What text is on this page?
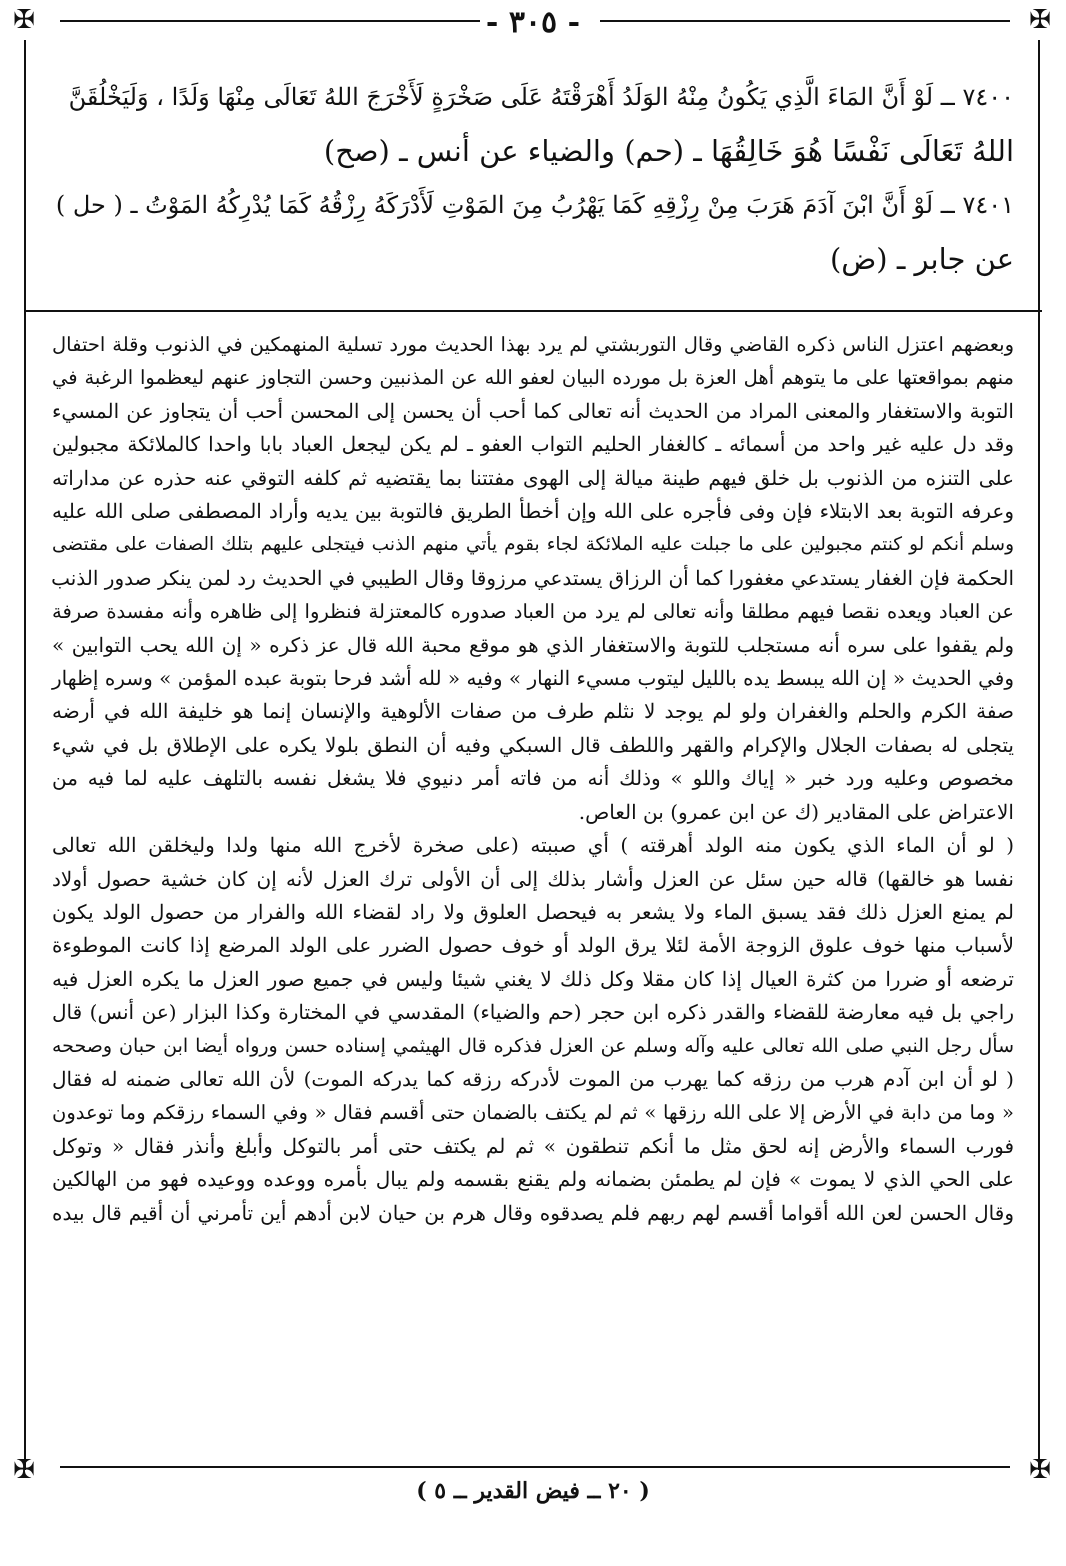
✠	✠
✠	✠
- ٣٠٥ -
٧٤٠٠ ــ لَوْ أَنَّ المَاءَ الَّذِي يَكُونُ مِنْهُ الوَلَدُ أَهْرَقْتَهُ عَلَى صَخْرَةٍ لَأَخْرَجَ اللهُ تَعَالَى مِنْهَا وَلَدًا ، وَلَيَخْلُقَنَّ
اللهُ تَعَالَى نَفْسًا هُوَ خَالِقُهَا ـ (حم) والضياء عن أنس ـ (صح)
٧٤٠١ ــ لَوْ أَنَّ ابْنَ آدَمَ هَرَبَ مِنْ رِزْقِهِ كَمَا يَهْرُبُ مِنَ المَوْتِ لَأَدْرَكَهُ رِزْقُهُ كَمَا يُدْرِكُهُ المَوْتُ ـ ( حل )
عن جابر ـ (ض)

وبعضهم اعتزل الناس ذكره القاضي وقال التوربشتي لم يرد بهذا الحديث مورد تسلية المنهمكين في الذنوب وقلة احتفال

منهم بمواقعتها على ما يتوهم أهل العزة بل مورده البيان لعفو الله عن المذنبين وحسن التجاوز عنهم ليعظموا الرغبة في

التوبة والاستغفار والمعنى المراد من الحديث أنه تعالى كما أحب أن يحسن إلى المحسن أحب أن يتجاوز عن المسيء

وقد دل عليه غير واحد من أسمائه ـ كالغفار الحليم التواب العفو ـ لم يكن ليجعل العباد بابا واحدا كالملائكة مجبولين

على التنزه من الذنوب بل خلق فيهم طينة ميالة إلى الهوى مفتتنا بما يقتضيه ثم كلفه التوقي عنه حذره عن مداراته

وعرفه التوبة بعد الابتلاء فإن وفى فأجره على الله وإن أخطأ الطريق فالتوبة بين يديه وأراد المصطفى صلى الله عليه

وسلم أنكم لو كنتم مجبولين على ما جبلت عليه الملائكة لجاء بقوم يأتي منهم الذنب فيتجلى عليهم بتلك الصفات على مقتضى

الحكمة فإن الغفار يستدعي مغفورا كما أن الرزاق يستدعي مرزوقا وقال الطيبي في الحديث رد لمن ينكر صدور الذنب

عن العباد ويعده نقصا فيهم مطلقا وأنه تعالى لم يرد من العباد صدوره كالمعتزلة فنظروا إلى ظاهره وأنه مفسدة صرفة

ولم يقفوا على سره أنه مستجلب للتوبة والاستغفار الذي هو موقع محبة الله قال عز ذكره « إن الله يحب التوابين »

وفي الحديث « إن الله يبسط يده بالليل ليتوب مسيء النهار » وفيه « لله أشد فرحا بتوبة عبده المؤمن » وسره إظهار

صفة الكرم والحلم والغفران ولو لم يوجد لا نثلم طرف من صفات الألوهية والإنسان إنما هو خليفة الله في أرضه

يتجلى له بصفات الجلال والإكرام والقهر واللطف قال السبكي وفيه أن النطق بلولا يكره على الإطلاق بل في شيء

مخصوص وعليه ورد خبر « إياك واللو » وذلك أنه من فاته أمر دنيوي فلا يشغل نفسه بالتلهف عليه لما فيه من

الاعتراض على المقادير (ك عن ابن عمرو) بن العاص.

( لو أن الماء الذي يكون منه الولد أهرقته ) أي صببته (على صخرة لأخرج الله منها ولدا وليخلقن الله تعالى

نفسا هو خالقها) قاله حين سئل عن العزل وأشار بذلك إلى أن الأولى ترك العزل لأنه إن كان خشية حصول أولاد

لم يمنع العزل ذلك فقد يسبق الماء ولا يشعر به فيحصل العلوق ولا راد لقضاء الله والفرار من حصول الولد يكون

لأسباب منها خوف علوق الزوجة الأمة لئلا يرق الولد أو خوف حصول الضرر على الولد المرضع إذا كانت الموطوءة

ترضعه أو ضررا من كثرة العيال إذا كان مقلا وكل ذلك لا يغني شيئا وليس في جميع صور العزل ما يكره العزل فيه

راجي بل فيه معارضة للقضاء والقدر ذكره ابن حجر (حم والضياء) المقدسي في المختارة وكذا البزار (عن أنس) قال

سأل رجل النبي صلى الله تعالى عليه وآله وسلم عن العزل فذكره قال الهيثمي إسناده حسن ورواه أيضا ابن حبان وصححه

( لو أن ابن آدم هرب من رزقه كما يهرب من الموت لأدركه رزقه كما يدركه الموت) لأن الله تعالى ضمنه له فقال

« وما من دابة في الأرض إلا على الله رزقها » ثم لم يكتف بالضمان حتى أقسم فقال « وفي السماء رزقكم وما توعدون

فورب السماء والأرض إنه لحق مثل ما أنكم تنطقون » ثم لم يكتف حتى أمر بالتوكل وأبلغ وأنذر فقال « وتوكل

على الحي الذي لا يموت » فإن لم يطمئن بضمانه ولم يقنع بقسمه ولم يبال بأمره ووعده ووعيده فهو من الهالكين

وقال الحسن لعن الله أقواما أقسم لهم ربهم فلم يصدقوه وقال هرم بن حيان لابن أدهم أين تأمرني أن أقيم قال بيده

( ٢٠ ــ فيض القدير ــ ٥ )
